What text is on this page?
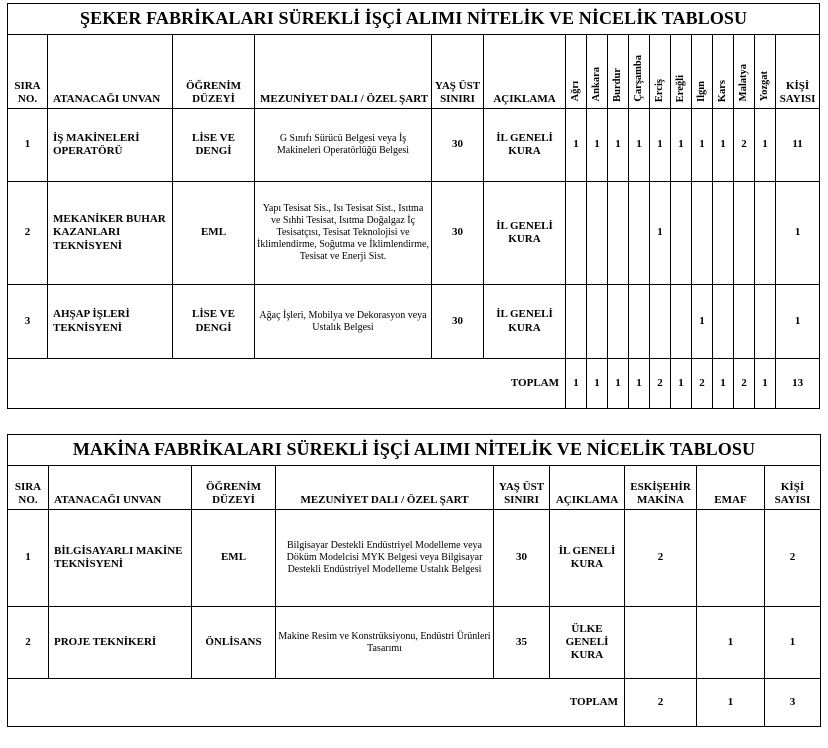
ŞEKER FABRİKALARI SÜREKLİ İŞÇİ ALIMI NİTELİK VE NİCELİK TABLOSU																
SIRA NO.	ATANACAĞI UNVAN	ÖĞRENİM DÜZEYİ	MEZUNİYET DALI / ÖZEL ŞART	YAŞ ÜST SINIRI	AÇIKLAMA	Ağrı	Ankara	Burdur	Çarşamba	Erciş	Ereğli	Ilgın	Kars	Malatya	Yozgat	KİŞİ SAYISI
1	İŞ MAKİNELERİ OPERATÖRÜ	LİSE VE DENGİ	G Sınıfı Sürücü Belgesi veya İş Makineleri Operatörlüğü Belgesi	30	İL GENELİ KURA	1	1	1	1	1	1	1	1	2	1	11
2	MEKANİKER BUHAR KAZANLARI TEKNİSYENİ	EML	Yapı Tesisat Sis., Isı Tesisat Sist., Isıtma ve Sıhhi Tesisat, Isıtma Doğalgaz İç Tesisatçısı, Tesisat Teknolojisi ve İklimlendirme, Soğutma ve İklimlendirme, Tesisat ve Enerji Sist.	30	İL GENELİ KURA					1						1
3	AHŞAP İŞLERİ TEKNİSYENİ	LİSE VE DENGİ	Ağaç İşleri, Mobilya ve Dekorasyon veya Ustalık Belgesi	30	İL GENELİ KURA							1				1
TOPLAM						1	1	1	1	2	1	2	1	2	1	13
MAKİNA FABRİKALARI SÜREKLİ İŞÇİ ALIMI NİTELİK VE NİCELİK TABLOSU								
SIRA NO.	ATANACAĞI UNVAN	ÖĞRENİM DÜZEYİ	MEZUNİYET DALI / ÖZEL ŞART	YAŞ ÜST SINIRI	AÇIKLAMA	ESKİŞEHİR MAKİNA	EMAF	KİŞİ SAYISI
1	BİLGİSAYARLI MAKİNE TEKNİSYENİ	EML	Bilgisayar Destekli Endüstriyel Modelleme veya Döküm Modelcisi MYK Belgesi veya Bilgisayar Destekli Endüstriyel Modelleme Ustalık Belgesi	30	İL GENELİ KURA	2		2
2	PROJE TEKNİKERİ	ÖNLİSANS	Makine Resim ve Konstrüksiyonu, Endüstri Ürünleri Tasarımı	35	ÜLKE GENELİ KURA		1	1
TOPLAM						2	1	3
